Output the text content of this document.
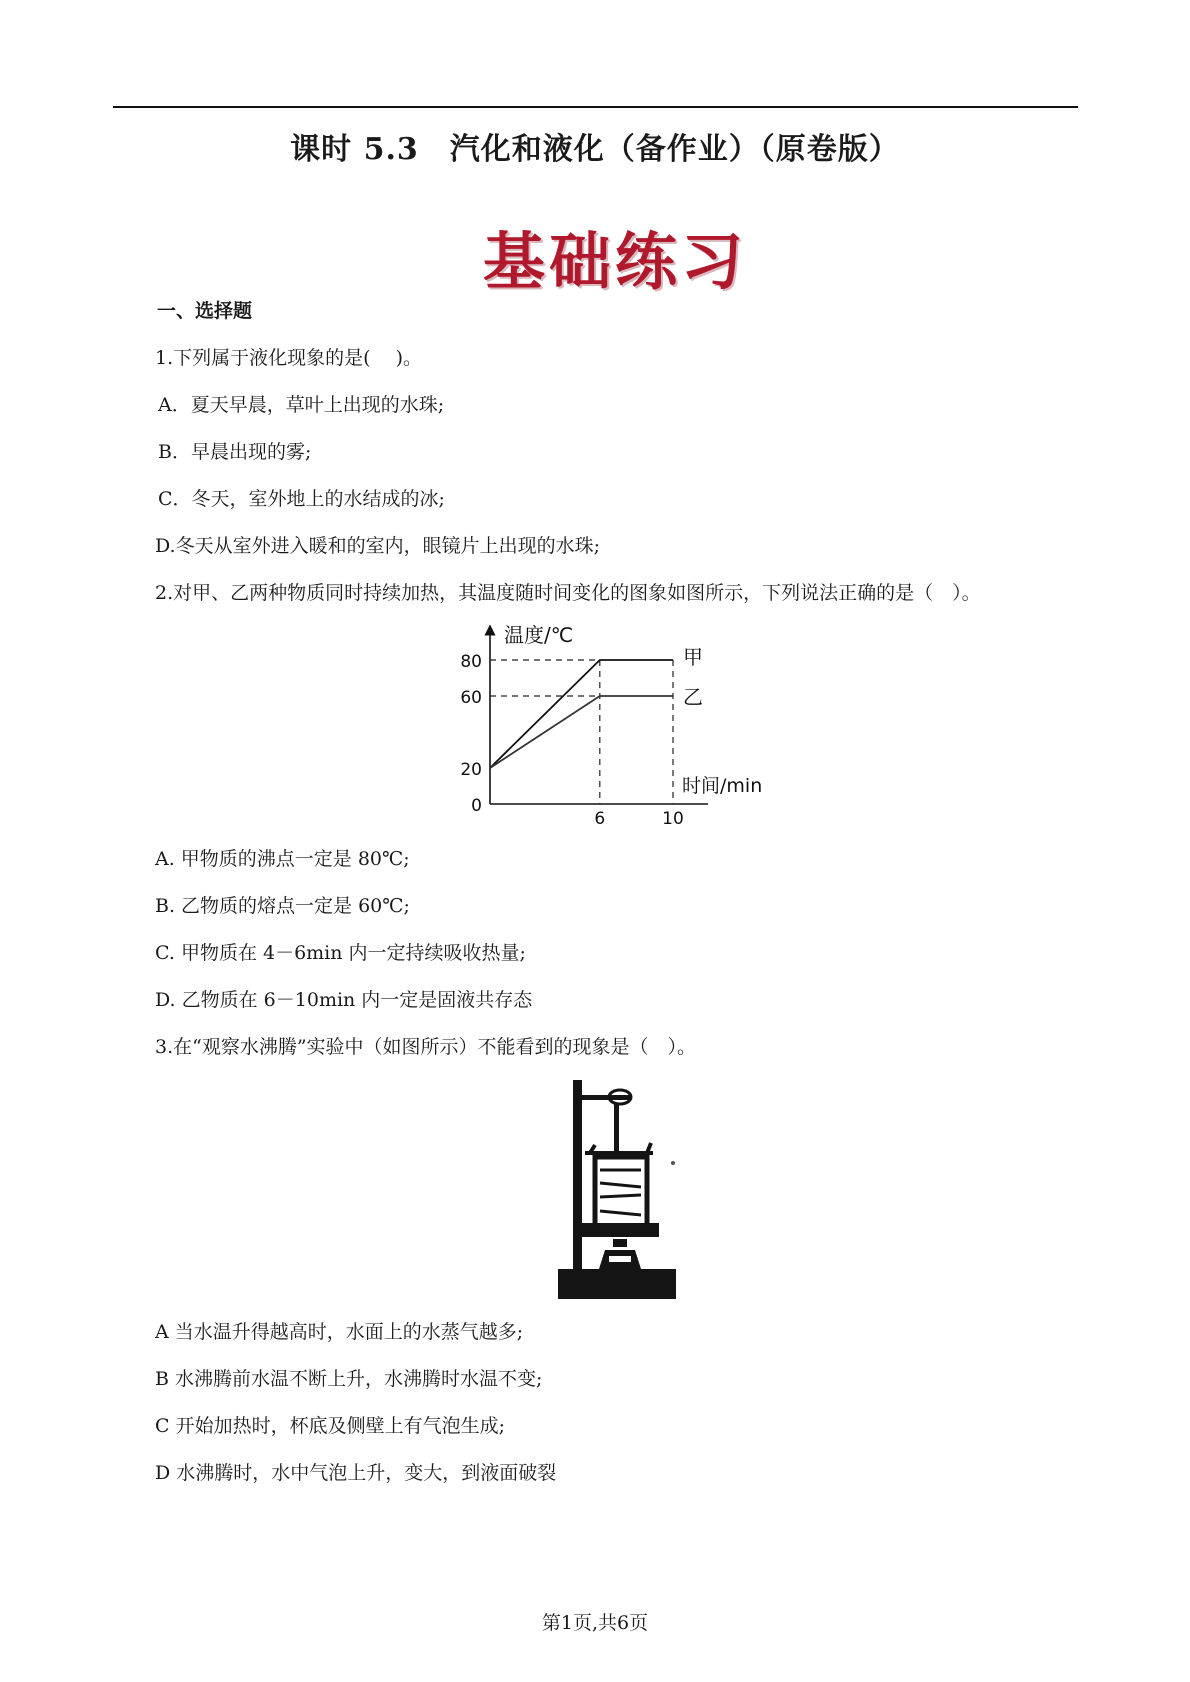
课时 5.3　汽化和液化（备作业）（原卷版）
基础练习
一、选择题
1.下列属于液化现象的是(　 )。
A．夏天早晨，草叶上出现的水珠;
B．早晨出现的雾;
C．冬天，室外地上的水结成的冰;
D.冬天从室外进入暖和的室内，眼镜片上出现的水珠;
2.对甲、乙两种物质同时持续加热，其温度随时间变化的图象如图所示，下列说法正确的是（　）。
甲
乙
0
20
60
80
6	10
温度/℃
时间/min
A. 甲物质的沸点一定是 80℃;
B. 乙物质的熔点一定是 60℃;
C. 甲物质在 4－6min 内一定持续吸收热量;
D. 乙物质在 6－10min 内一定是固液共存态
3.在“观察水沸腾”实验中（如图所示）不能看到的现象是（　）。
A 当水温升得越高时，水面上的水蒸气越多;
B 水沸腾前水温不断上升，水沸腾时水温不变;
C 开始加热时，杯底及侧壁上有气泡生成;
D 水沸腾时，水中气泡上升，变大，到液面破裂
第1页,共6页
